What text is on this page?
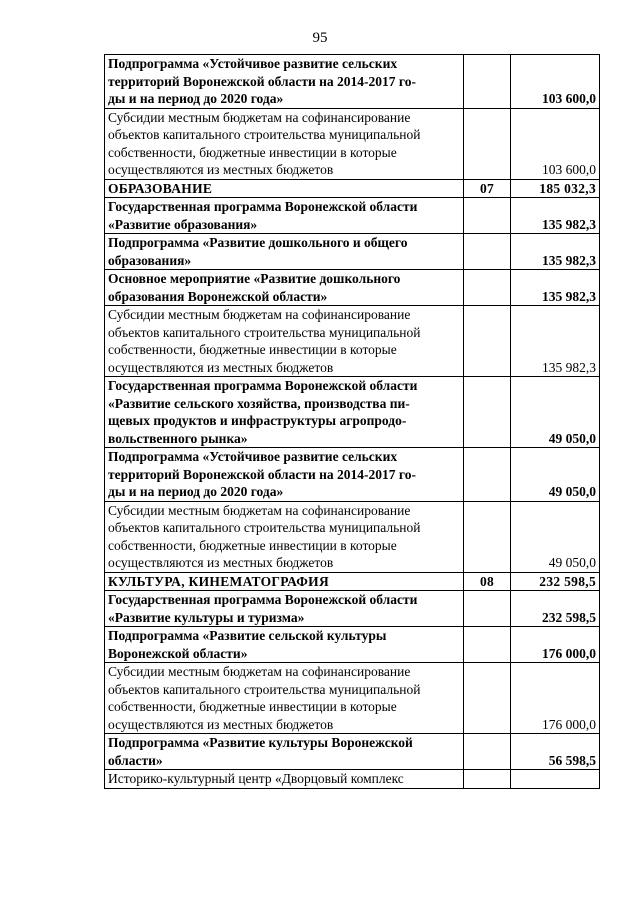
95
Подпрограмма «Устойчивое развитие сельских
территорий Воронежской области на 2014-2017 го-
ды и на период до 2020 года»		103 600,0

Субсидии местным бюджетам на софинансирование
объектов капитального строительства муниципальной
собственности, бюджетные инвестиции в которые
осуществляются из местных бюджетов		103 600,0

ОБРАЗОВАНИЕ	07	185 032,3

Государственная программа Воронежской области
«Развитие образования»		135 982,3

Подпрограмма «Развитие дошкольного и общего
образования»		135 982,3

Основное мероприятие «Развитие дошкольного
образования Воронежской области»		135 982,3

Субсидии местным бюджетам на софинансирование
объектов капитального строительства муниципальной
собственности, бюджетные инвестиции в которые
осуществляются из местных бюджетов		135 982,3

Государственная программа Воронежской области
«Развитие сельского хозяйства, производства пи-
щевых продуктов и инфраструктуры агропродо-
вольственного рынка»		49 050,0

Подпрограмма «Устойчивое развитие сельских
территорий Воронежской области на 2014-2017 го-
ды и на период до 2020 года»		49 050,0

Субсидии местным бюджетам на софинансирование
объектов капитального строительства муниципальной
собственности, бюджетные инвестиции в которые
осуществляются из местных бюджетов		49 050,0

КУЛЬТУРА, КИНЕМАТОГРАФИЯ	08	232 598,5

Государственная программа Воронежской области
«Развитие культуры и туризма»		232 598,5

Подпрограмма «Развитие сельской культуры
Воронежской области»		176 000,0

Субсидии местным бюджетам на софинансирование
объектов капитального строительства муниципальной
собственности, бюджетные инвестиции в которые
осуществляются из местных бюджетов		176 000,0

Подпрограмма «Развитие культуры Воронежской
области»		56 598,5

Историко-культурный центр «Дворцовый комплекс		
